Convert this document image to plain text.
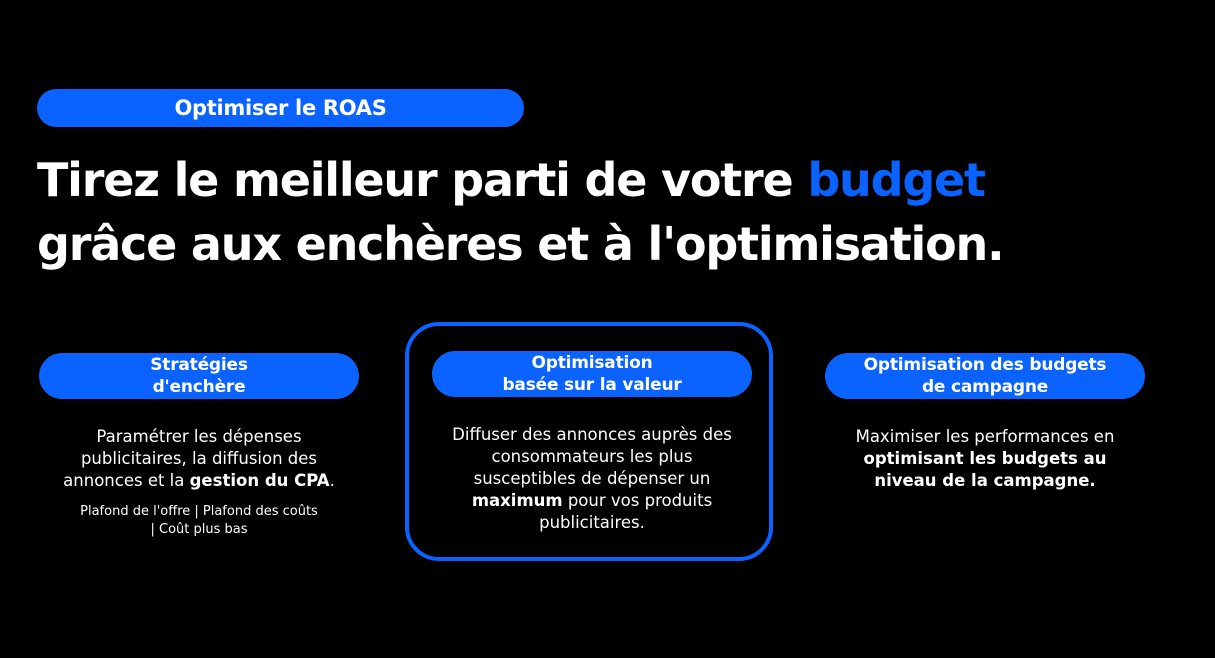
Optimiser le ROAS
Tirez le meilleur parti de votre budget
grâce aux enchères et à l'optimisation.
Stratégies
d'enchère
Paramétrer les dépenses publicitaires, la diffusion des annonces et la gestion du CPA.
Plafond de l'offre | Plafond des coûts | Coût plus bas
Optimisation
basée sur la valeur
Diffuser des annonces auprès des consommateurs les plus susceptibles de dépenser un maximum pour vos produits publicitaires.
Optimisation des budgets
de campagne
Maximiser les performances en optimisant les budgets au niveau de la campagne.
